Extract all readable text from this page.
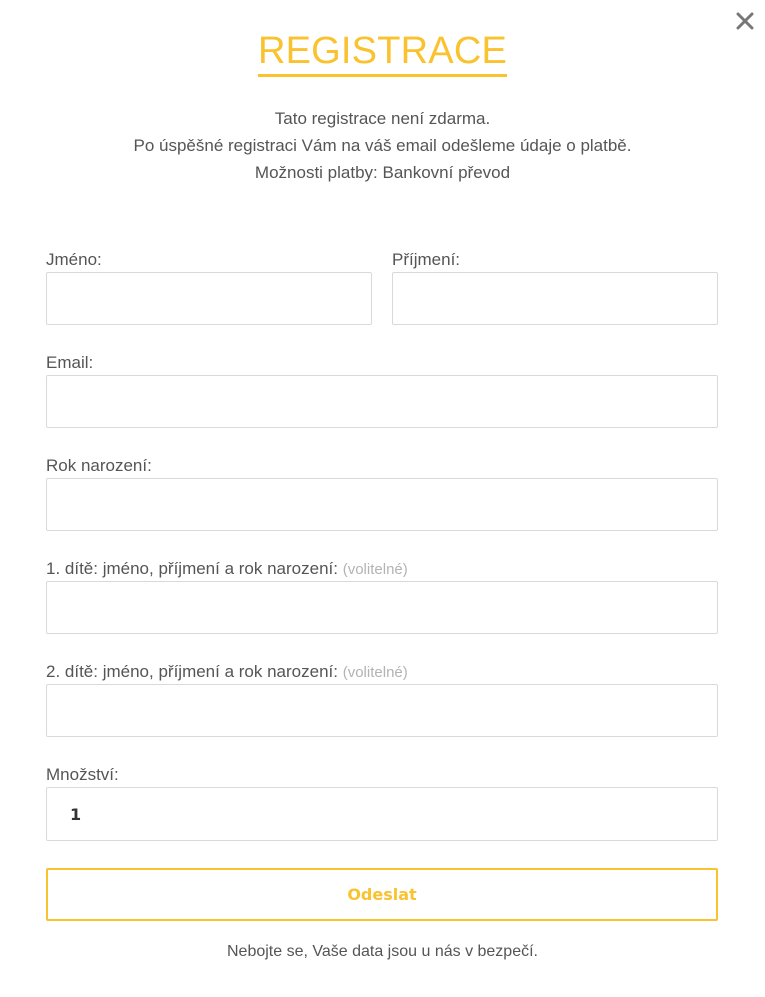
REGISTRACE
Tato registrace není zdarma.
Po úspěšné registraci Vám na váš email odešleme údaje o platbě.
Možnosti platby: Bankovní převod
Jméno:	Příjmení:
Email:
Rok narození:
1. dítě: jméno, příjmení a rok narození: (volitelné)
2. dítě: jméno, příjmení a rok narození: (volitelné)
Množství:
1
Odeslat
Nebojte se, Vaše data jsou u nás v bezpečí.
